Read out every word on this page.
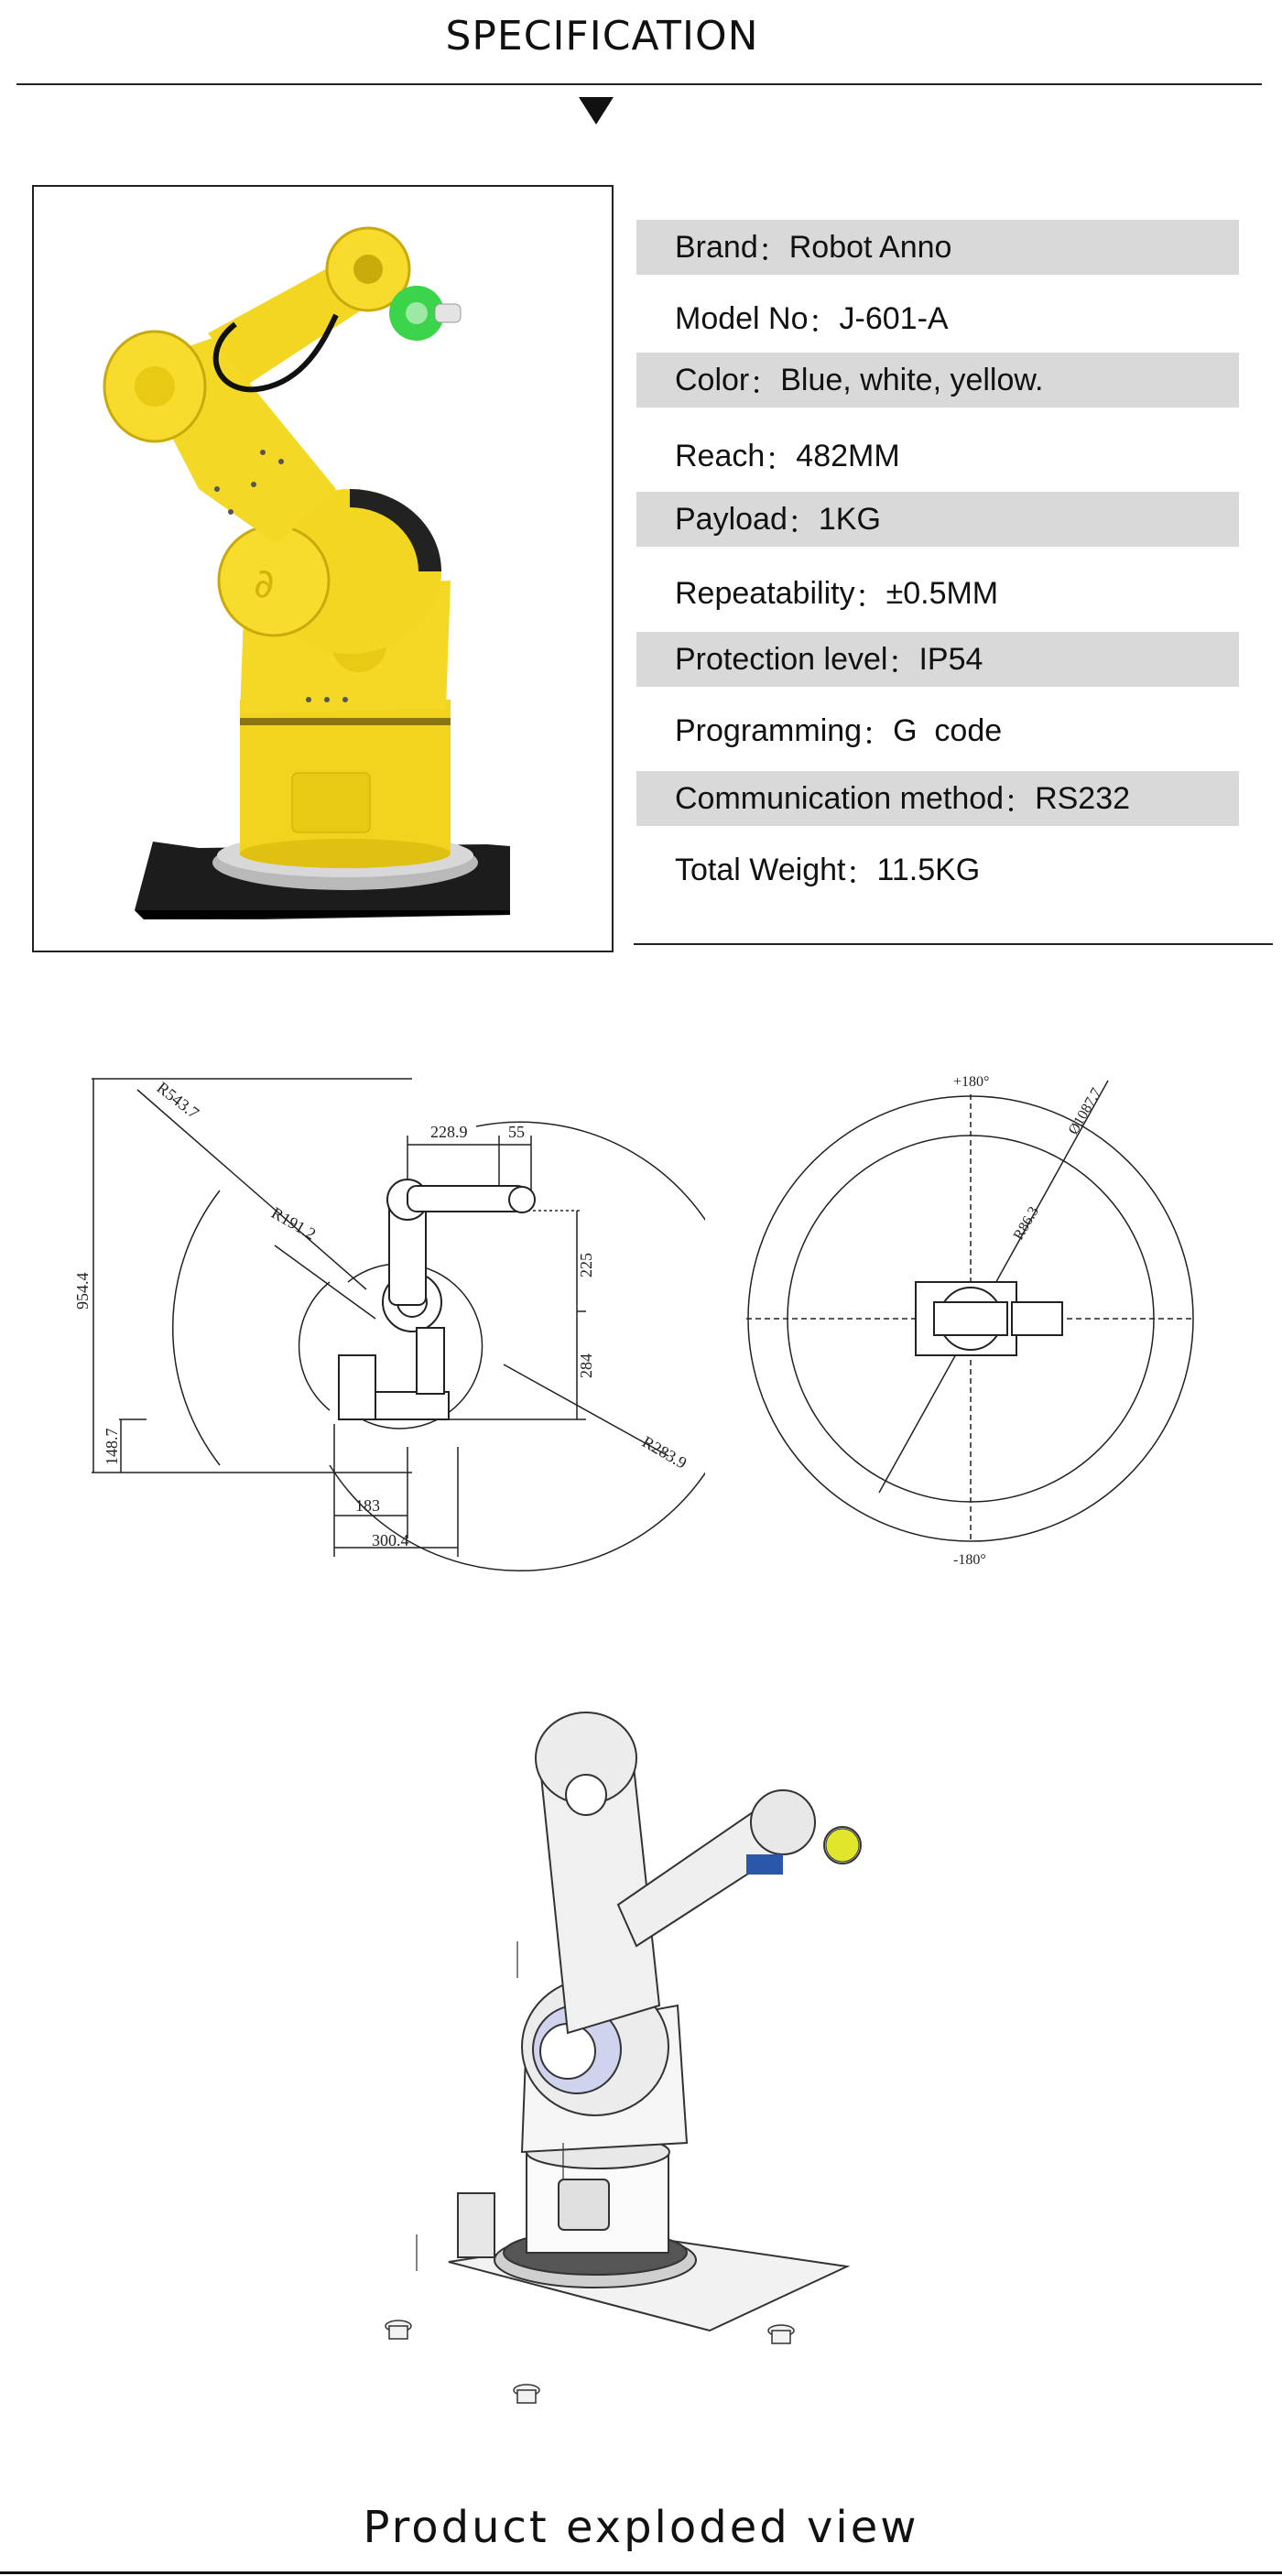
SPECIFICATION
∂
Brand ： Robot Anno
Model No ： J-601-A
Color ： Blue, white, yellow.
Reach ： 482MM
Payload ： 1KG
Repeatability ： ±0.5MM
Protection level ： IP54
Programming ： G  code
Communication method ： RS232
Total Weight ： 11.5KG
R543.7
R191.2
228.9 55
954.4
225
284
148.7	R283.9
183
300.4
+180°
-180°
Ø1087.7
R86.3
Product exploded view
